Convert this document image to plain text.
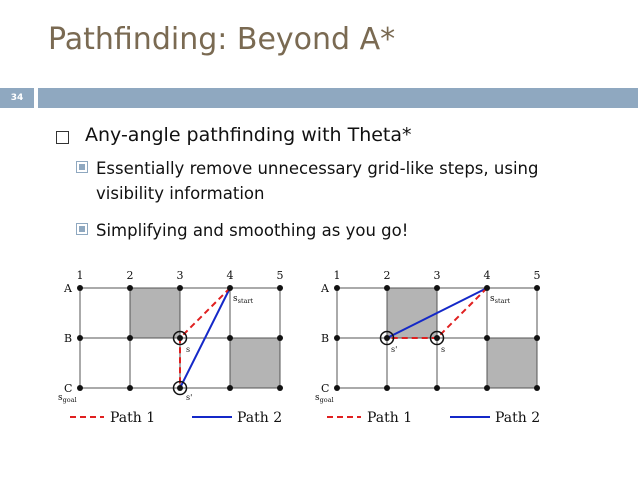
Pathfinding: Beyond A*
34
Any-angle pathfinding with Theta*
Essentially remove unnecessary grid-like steps, using
visibility information
Simplifying and smoothing as you go!
1	2	3	4	5
A
B
C
$s_{start}$
$s_{goal}$
s
s'
1	2	3	4	5
A
B
C
$s_{start}$
$s_{goal}$
s'	s
Path 1	Path 2	Path 1	Path 2
